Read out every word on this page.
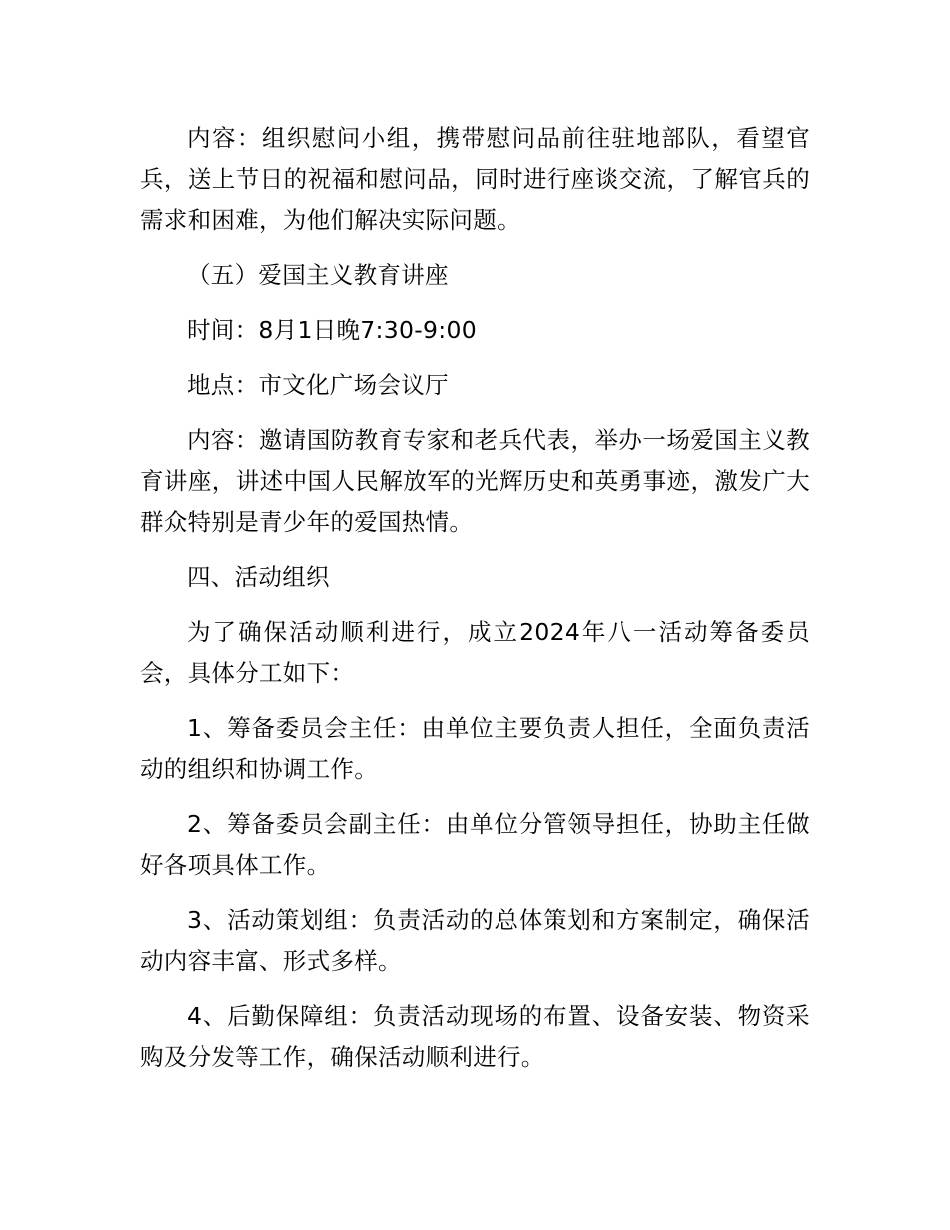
内容：组织慰问小组，携带慰问品前往驻地部队，看望官兵，送上节日的祝福和慰问品，同时进行座谈交流，了解官兵的需求和困难，为他们解决实际问题。

（五）爱国主义教育讲座

时间：8月1日晚7:30-9:00

地点：市文化广场会议厅

内容：邀请国防教育专家和老兵代表，举办一场爱国主义教育讲座，讲述中国人民解放军的光辉历史和英勇事迹，激发广大群众特别是青少年的爱国热情。

四、活动组织

为了确保活动顺利进行，成立2024年八一活动筹备委员会，具体分工如下：

1、筹备委员会主任：由单位主要负责人担任，全面负责活动的组织和协调工作。

2、筹备委员会副主任：由单位分管领导担任，协助主任做好各项具体工作。

3、活动策划组：负责活动的总体策划和方案制定，确保活动内容丰富、形式多样。

4、后勤保障组：负责活动现场的布置、设备安装、物资采购及分发等工作，确保活动顺利进行。
